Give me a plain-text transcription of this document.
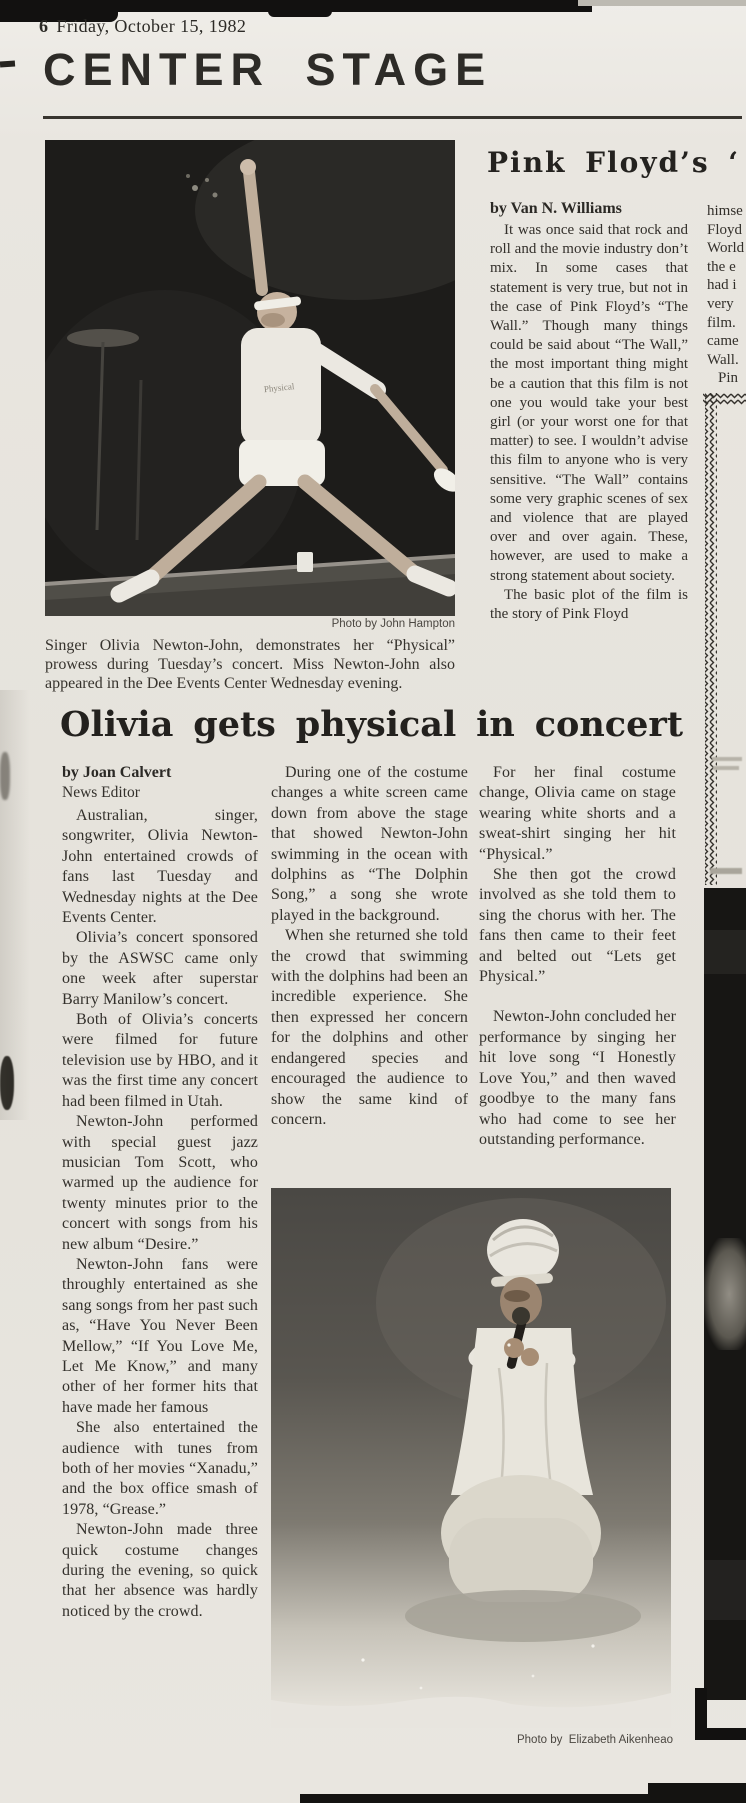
6 Friday, October 15, 1982
CENTER STAGE
Physical
Photo by John Hampton
Singer Olivia Newton-John, demonstrates her “Physical” prowess during Tuesday’s concert. Miss Newton-John also appeared in the Dee Events Center Wednesday evening.
Pink Floyd’s ‘
by Van N. Williams

It was once said that rock and roll and the movie industry don’t mix. In some cases that statement is very true, but not in the case of Pink Floyd’s “The Wall.” Though many things could be said about “The Wall,” the most important thing might be a caution that this film is not one you would take your best girl (or your worst one for that matter) to see. I wouldn’t advise this film to anyone who is very sensitive. “The Wall” contains some very graphic scenes of sex and violence that are played over and over again. These, however, are used to make a strong statement about society.

The basic plot of the film is the story of Pink Floyd

himse
Floyd
World
the e
had i
very
film.
came
Wall.
Pin
Olivia gets physical in concert
by Joan Calvert
News Editor

Australian, singer, songwriter, Olivia Newton-John entertained crowds of fans last Tuesday and Wednesday nights at the Dee Events Center.

Olivia’s concert sponsored by the ASWSC came only one week after superstar Barry Manilow’s concert.

Both of Olivia’s concerts were filmed for future television use by HBO, and it was the first time any concert had been filmed in Utah.

Newton-John performed with special guest jazz musician Tom Scott, who warmed up the audience for twenty minutes prior to the concert with songs from his new album “Desire.”

Newton-John fans were throughly entertained as she sang songs from her past such as, “Have You Never Been Mellow,” “If You Love Me, Let Me Know,” and many other of her former hits that have made her famous

She also entertained the audience with tunes from both of her movies “Xanadu,” and the box office smash of 1978, “Grease.”

Newton-John made three quick costume changes during the evening, so quick that her absence was hardly noticed by the crowd.

During one of the costume changes a white screen came down from above the stage that showed Newton-John swimming in the ocean with dolphins as “The Dolphin Song,” a song she wrote played in the background.

When she returned she told the crowd that swimming with the dolphins had been an incredible experience. She then expressed her concern for the dolphins and other endangered species and encouraged the audience to show the same kind of concern.

For her final costume change, Olivia came on stage wearing white shorts and a sweat-shirt singing her hit “Physical.”

She then got the crowd involved as she told them to sing the chorus with her. The fans then came to their feet and belted out “Lets get Physical.”

Newton-John concluded her performance by singing her hit love song “I Honestly Love You,” and then waved goodbye to the many fans who had come to see her outstanding performance.

Photo by  Elizabeth Aikenheao
